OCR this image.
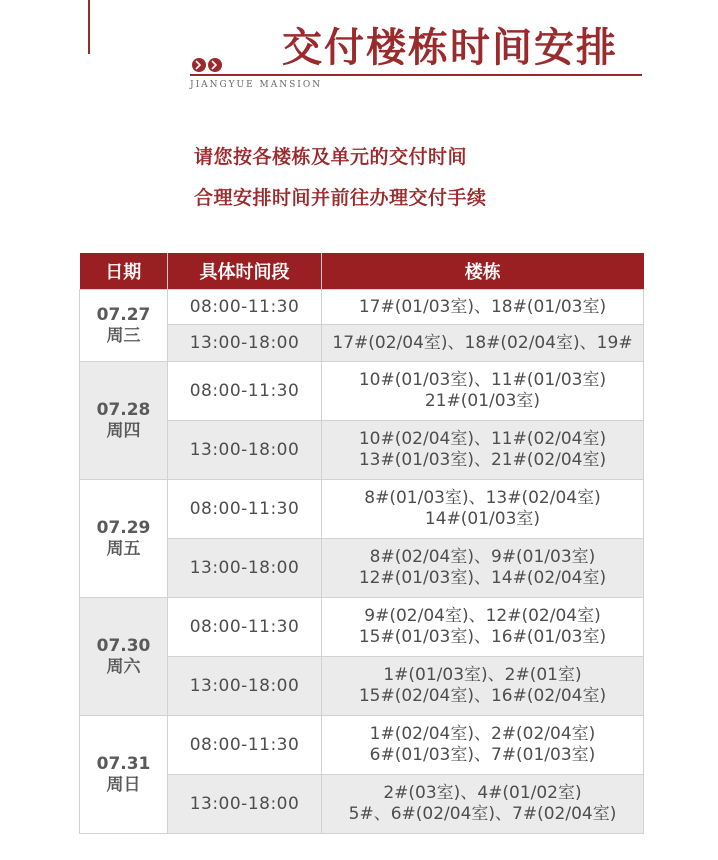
交付楼栋时间安排
JIANGYUE MANSION
请您按各楼栋及单元的交付时间
合理安排时间并前往办理交付手续
日期	具体时间段	楼栋

07.27
周三	08:00-11:30	17#(01/03室)、18#(01/03室)

	13:00-18:00	17#(02/04室)、18#(02/04室)、19#

07.28
周四	08:00-11:30	10#(01/03室)、11#(01/03室)
21#(01/03室)

	13:00-18:00	10#(02/04室)、11#(02/04室)
13#(01/03室)、21#(02/04室)

07.29
周五	08:00-11:30	8#(01/03室)、13#(02/04室)
14#(01/03室)

	13:00-18:00	8#(02/04室)、9#(01/03室)
12#(01/03室)、14#(02/04室)

07.30
周六	08:00-11:30	9#(02/04室)、12#(02/04室)
15#(01/03室)、16#(01/03室)

	13:00-18:00	1#(01/03室)、2#(01室)
15#(02/04室)、16#(02/04室)

07.31
周日	08:00-11:30	1#(02/04室)、2#(02/04室)
6#(01/03室)、7#(01/03室)

	13:00-18:00	2#(03室)、4#(01/02室)
5#、6#(02/04室)、7#(02/04室)
